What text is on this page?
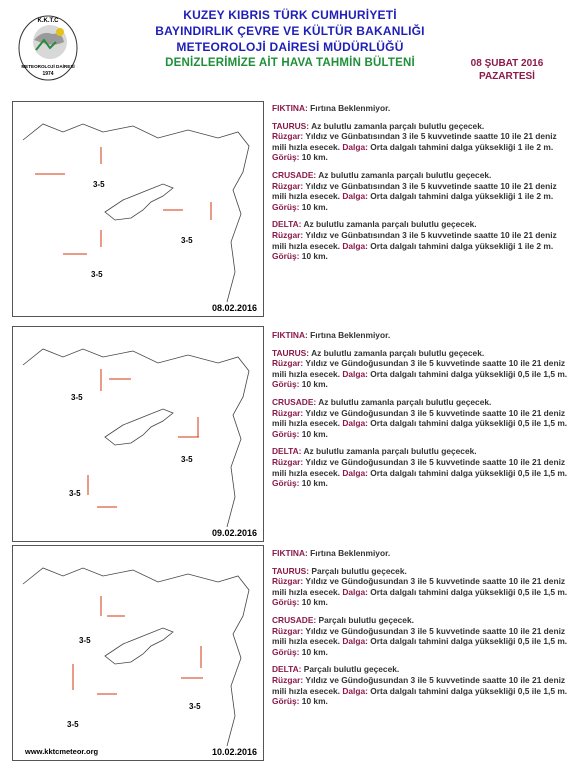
K.K.T.C
METEOROLOJİ DAİRESİ
1974
KUZEY KIBRIS TÜRK CUMHURİYETİ
BAYINDIRLIK ÇEVRE VE KÜLTÜR BAKANLIĞI
METEOROLOJİ DAİRESİ MÜDÜRLÜĞÜ
DENİZLERİMİZE AİT HAVA TAHMİN BÜLTENİ	08 ŞUBAT 2016
PAZARTESİ
3-5
3-5
3-5
08.02.2016
3-5
3-5
3-5
09.02.2016
3-5
3-5
3-5
10.02.2016
www.kktcmeteor.org

FIKTINA: Fırtına Beklenmiyor.

TAURUS: Az bulutlu zamanla parçalı bulutlu geçecek.
Rüzgar: Yıldız ve Günbatısından 3 ile 5 kuvvetinde saatte 10 ile 21 deniz mili hızla esecek. Dalga: Orta dalgalı tahmini dalga yüksekliği 1 ile 2 m. Görüş: 10 km.

CRUSADE: Az bulutlu zamanla parçalı bulutlu geçecek.
Rüzgar: Yıldız ve Günbatısından 3 ile 5 kuvvetinde saatte 10 ile 21 deniz mili hızla esecek. Dalga: Orta dalgalı tahmini dalga yüksekliği 1 ile 2 m. Görüş: 10 km.

DELTA: Az bulutlu zamanla parçalı bulutlu geçecek.
Rüzgar: Yıldız ve Günbatısından 3 ile 5 kuvvetinde saatte 10 ile 21 deniz mili hızla esecek. Dalga: Orta dalgalı tahmini dalga yüksekliği 1 ile 2 m. Görüş: 10 km.

FIKTINA: Fırtına Beklenmiyor.

TAURUS: Az bulutlu zamanla parçalı bulutlu geçecek.
Rüzgar: Yıldız ve Gündoğusundan 3 ile 5 kuvvetinde saatte 10 ile 21 deniz mili hızla esecek. Dalga: Orta dalgalı tahmini dalga yüksekliği 0,5 ile 1,5 m. Görüş: 10 km.

CRUSADE: Az bulutlu zamanla parçalı bulutlu geçecek.
Rüzgar: Yıldız ve Gündoğusundan 3 ile 5 kuvvetinde saatte 10 ile 21 deniz mili hızla esecek. Dalga: Orta dalgalı tahmini dalga yüksekliği 0,5 ile 1,5 m. Görüş: 10 km.

DELTA: Az bulutlu zamanla parçalı bulutlu geçecek.
Rüzgar: Yıldız ve Gündoğusundan 3 ile 5 kuvvetinde saatte 10 ile 21 deniz mili hızla esecek. Dalga: Orta dalgalı tahmini dalga yüksekliği 0,5 ile 1,5 m. Görüş: 10 km.

FIKTINA: Fırtına Beklenmiyor.

TAURUS: Parçalı bulutlu geçecek.
Rüzgar: Yıldız ve Gündoğusundan 3 ile 5 kuvvetinde saatte 10 ile 21 deniz mili hızla esecek. Dalga: Orta dalgalı tahmini dalga yüksekliği 0,5 ile 1,5 m. Görüş: 10 km.

CRUSADE: Parçalı bulutlu geçecek.
Rüzgar: Yıldız ve Gündoğusundan 3 ile 5 kuvvetinde saatte 10 ile 21 deniz mili hızla esecek. Dalga: Orta dalgalı tahmini dalga yüksekliği 0,5 ile 1,5 m. Görüş: 10 km.

DELTA: Parçalı bulutlu geçecek.
Rüzgar: Yıldız ve Gündoğusundan 3 ile 5 kuvvetinde saatte 10 ile 21 deniz mili hızla esecek. Dalga: Orta dalgalı tahmini dalga yüksekliği 0,5 ile 1,5 m. Görüş: 10 km.
